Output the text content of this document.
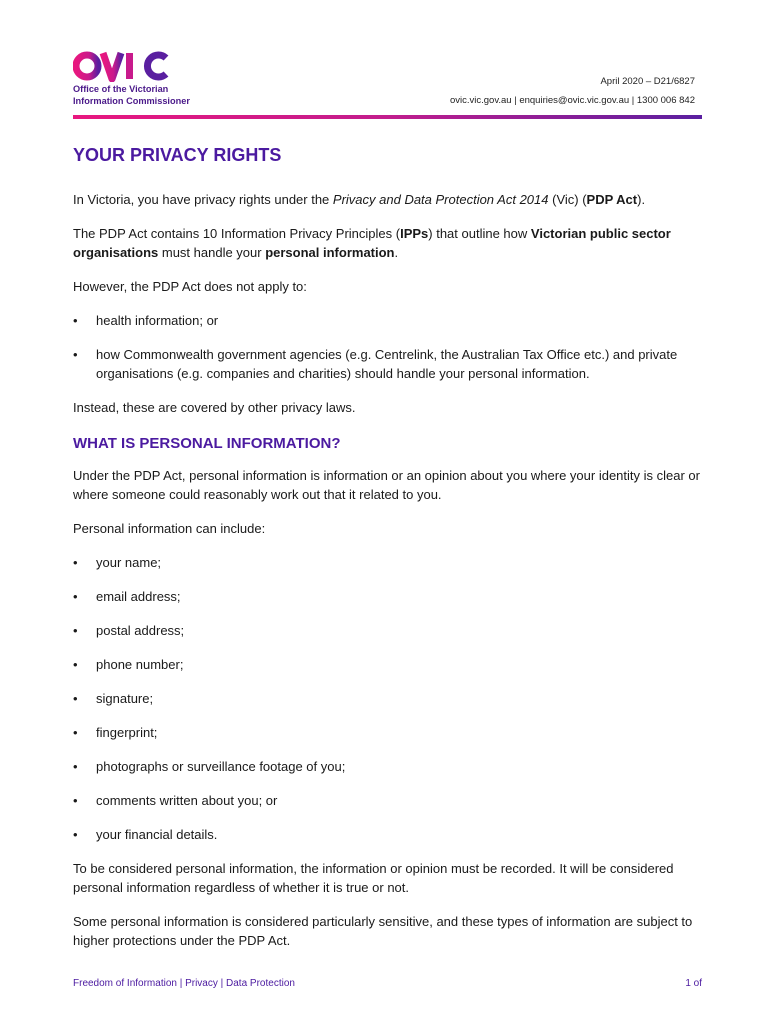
Office of the Victorian
Information Commissioner
April 2020 – D21/6827
ovic.vic.gov.au | enquiries@ovic.vic.gov.au | 1300 006 842
YOUR PRIVACY RIGHTS

In Victoria, you have privacy rights under the Privacy and Data Protection Act 2014 (Vic) (PDP Act).

The PDP Act contains 10 Information Privacy Principles (IPPs) that outline how Victorian public sector organisations must handle your personal information.

However, the PDP Act does not apply to:

• health information; or
• how Commonwealth government agencies (e.g. Centrelink, the Australian Tax Office etc.) and private organisations (e.g. companies and charities) should handle your personal information.

Instead, these are covered by other privacy laws.

WHAT IS PERSONAL INFORMATION?

Under the PDP Act, personal information is information or an opinion about you where your identity is clear or where someone could reasonably work out that it related to you.

Personal information can include:

• your name;
• email address;
• postal address;
• phone number;
• signature;
• fingerprint;
• photographs or surveillance footage of you;
• comments written about you; or
• your financial details.

To be considered personal information, the information or opinion must be recorded. It will be considered personal information regardless of whether it is true or not.

Some personal information is considered particularly sensitive, and these types of information are subject to higher protections under the PDP Act.

Freedom of Information | Privacy | Data Protection	1 of
